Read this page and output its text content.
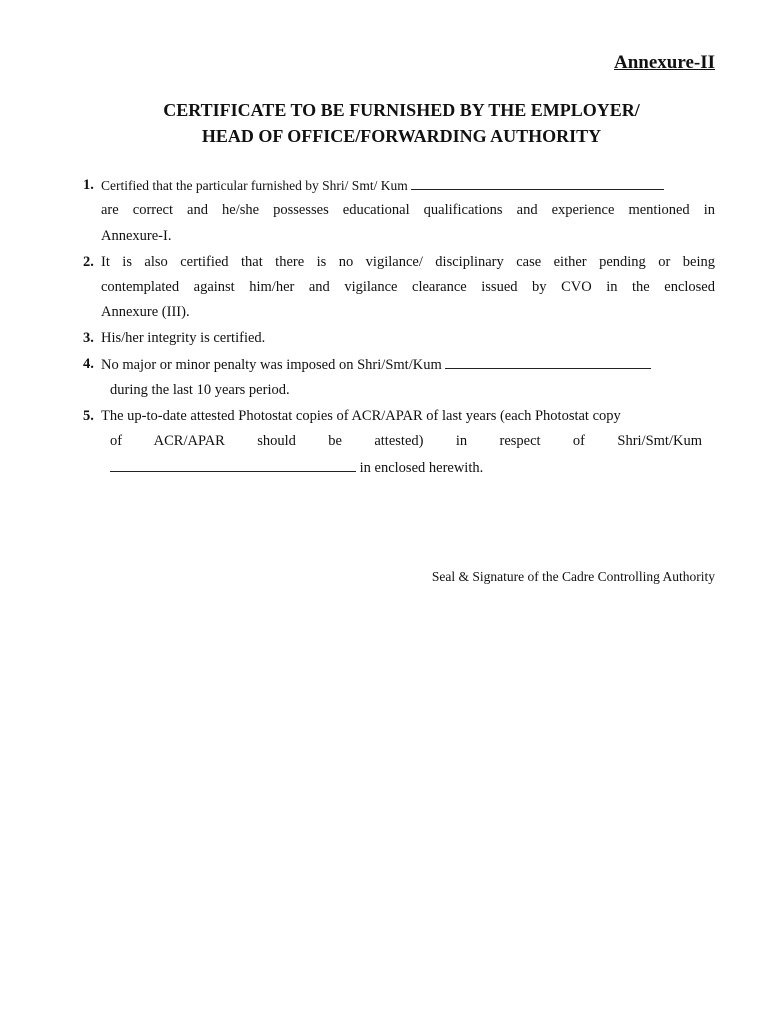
Annexure-II
CERTIFICATE TO BE FURNISHED BY THE EMPLOYER/
HEAD OF OFFICE/FORWARDING AUTHORITY
1. Certified that the particular furnished by Shri/ Smt/ Kum
are correct and he/she possesses educational qualifications and experience mentioned in
Annexure-I.
2. It is also certified that there is no vigilance/ disciplinary case either pending or being
contemplated against him/her and vigilance clearance issued by CVO in the enclosed
Annexure (III).
3. His/her integrity is certified.
4. No major or minor penalty was imposed on Shri/Smt/Kum
during the last 10 years period.
5. The up-to-date attested Photostat copies of ACR/APAR of last years (each Photostat copy
of ACR/APAR should be attested) in respect of Shri/Smt/Kum
in enclosed herewith.
Seal & Signature of the Cadre Controlling Authority
